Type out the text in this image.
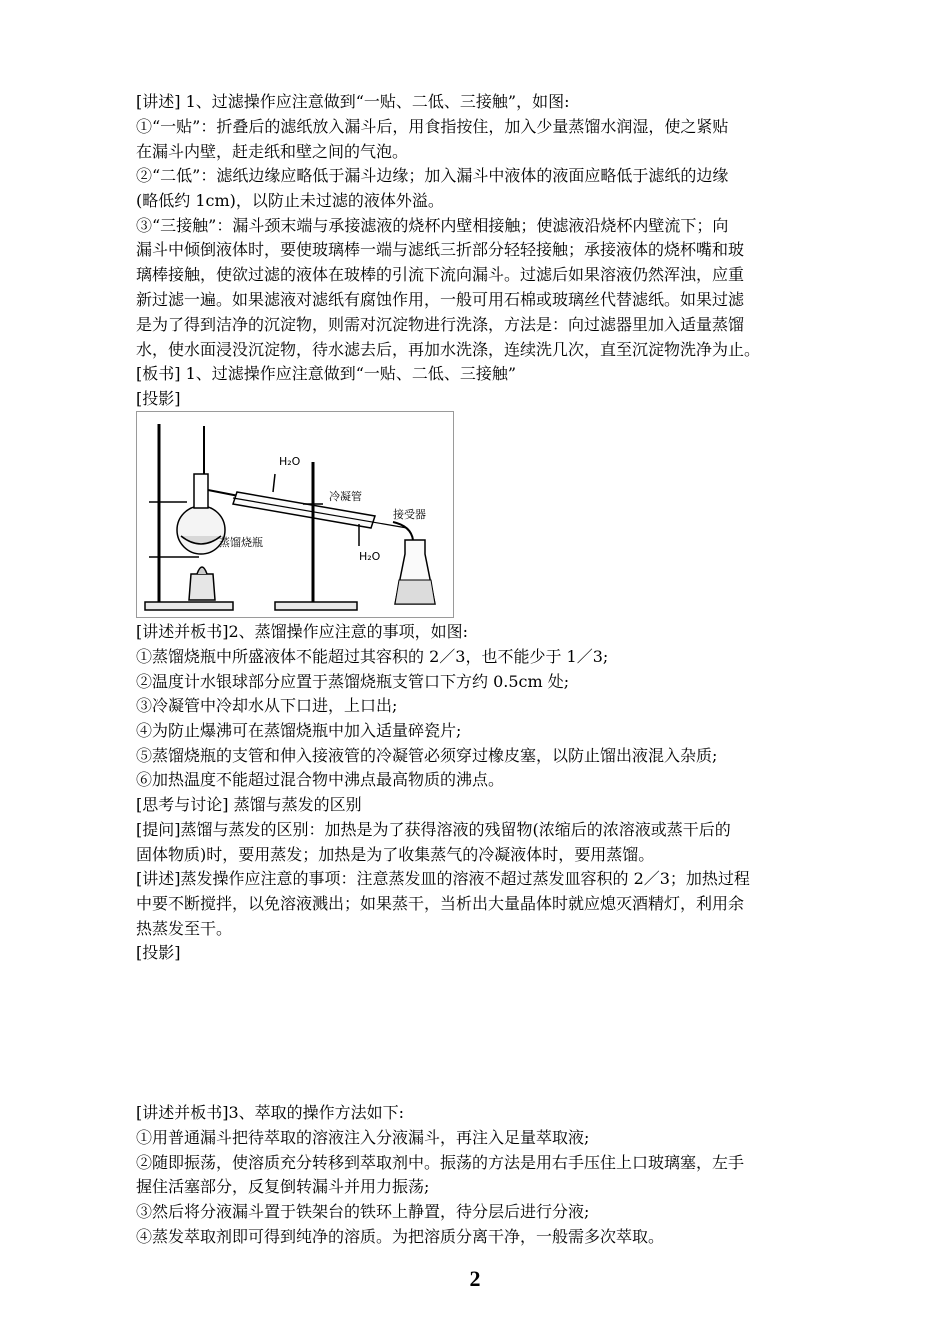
[讲述] 1、过滤操作应注意做到“一贴、二低、三接触”，如图:
①“一贴”：折叠后的滤纸放入漏斗后，用食指按住，加入少量蒸馏水润湿，使之紧贴
在漏斗内壁，赶走纸和壁之间的气泡。
②“二低”：滤纸边缘应略低于漏斗边缘；加入漏斗中液体的液面应略低于滤纸的边缘
(略低约 1cm)，以防止未过滤的液体外溢。
③“三接触”：漏斗颈末端与承接滤液的烧杯内壁相接触；使滤液沿烧杯内壁流下；向
漏斗中倾倒液体时，要使玻璃棒一端与滤纸三折部分轻轻接触；承接液体的烧杯嘴和玻
璃棒接触，使欲过滤的液体在玻棒的引流下流向漏斗。过滤后如果溶液仍然浑浊，应重
新过滤一遍。如果滤液对滤纸有腐蚀作用，一般可用石棉或玻璃丝代替滤纸。如果过滤
是为了得到洁净的沉淀物，则需对沉淀物进行洗涤，方法是：向过滤器里加入适量蒸馏
水，使水面浸没沉淀物，待水滤去后，再加水洗涤，连续洗几次，直至沉淀物洗净为止。
[板书] 1、过滤操作应注意做到“一贴、二低、三接触”
[投影]
H₂O
H₂O
冷凝管
接受器
蒸馏烧瓶
[讲述并板书]2、蒸馏操作应注意的事项，如图:
①蒸馏烧瓶中所盛液体不能超过其容积的 2／3，也不能少于 1／3;
②温度计水银球部分应置于蒸馏烧瓶支管口下方约 0.5cm 处;
③冷凝管中冷却水从下口进，上口出;
④为防止爆沸可在蒸馏烧瓶中加入适量碎瓷片;
⑤蒸馏烧瓶的支管和伸入接液管的冷凝管必须穿过橡皮塞，以防止馏出液混入杂质;
⑥加热温度不能超过混合物中沸点最高物质的沸点。
[思考与讨论] 蒸馏与蒸发的区别
[提问]蒸馏与蒸发的区别：加热是为了获得溶液的残留物(浓缩后的浓溶液或蒸干后的
固体物质)时，要用蒸发；加热是为了收集蒸气的冷凝液体时，要用蒸馏。
[讲述]蒸发操作应注意的事项：注意蒸发皿的溶液不超过蒸发皿容积的 2／3；加热过程
中要不断搅拌，以免溶液溅出；如果蒸干，当析出大量晶体时就应熄灭酒精灯，利用余
热蒸发至干。
[投影]
[讲述并板书]3、萃取的操作方法如下:
①用普通漏斗把待萃取的溶液注入分液漏斗，再注入足量萃取液;
②随即振荡，使溶质充分转移到萃取剂中。振荡的方法是用右手压住上口玻璃塞，左手
握住活塞部分，反复倒转漏斗并用力振荡;
③然后将分液漏斗置于铁架台的铁环上静置，待分层后进行分液;
④蒸发萃取剂即可得到纯净的溶质。为把溶质分离干净，一般需多次萃取。
2
